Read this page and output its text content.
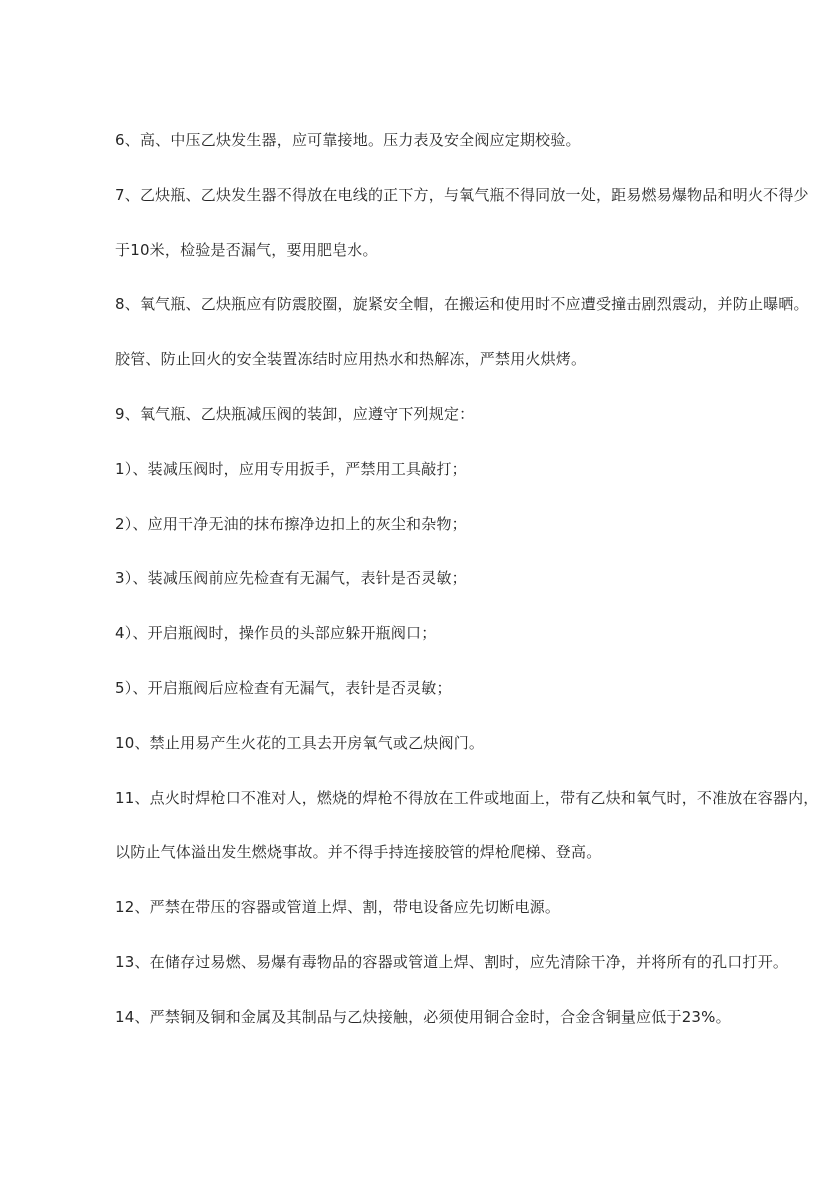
6、高、中压乙炔发生器，应可靠接地。压力表及安全阀应定期校验。
7、乙炔瓶、乙炔发生器不得放在电线的正下方，与氧气瓶不得同放一处，距易燃易爆物品和明火不得少
于10米，检验是否漏气，要用肥皂水。
8、氧气瓶、乙炔瓶应有防震胶圈，旋紧安全帽，在搬运和使用时不应遭受撞击剧烈震动，并防止曝晒。
胶管、防止回火的安全装置冻结时应用热水和热解冻，严禁用火烘烤。
9、氧气瓶、乙炔瓶减压阀的装卸，应遵守下列规定：
1）、装减压阀时，应用专用扳手，严禁用工具敲打；
2）、应用干净无油的抹布擦净边扣上的灰尘和杂物；
3）、装减压阀前应先检查有无漏气，表针是否灵敏；
4）、开启瓶阀时，操作员的头部应躲开瓶阀口；
5）、开启瓶阀后应检查有无漏气，表针是否灵敏；
10、禁止用易产生火花的工具去开房氧气或乙炔阀门。
11、点火时焊枪口不准对人，燃烧的焊枪不得放在工件或地面上，带有乙炔和氧气时，不准放在容器内，
以防止气体溢出发生燃烧事故。并不得手持连接胶管的焊枪爬梯、登高。
12、严禁在带压的容器或管道上焊、割，带电设备应先切断电源。
13、在储存过易燃、易爆有毒物品的容器或管道上焊、割时，应先清除干净，并将所有的孔口打开。
14、严禁铜及铜和金属及其制品与乙炔接触，必须使用铜合金时，合金含铜量应低于23%。
